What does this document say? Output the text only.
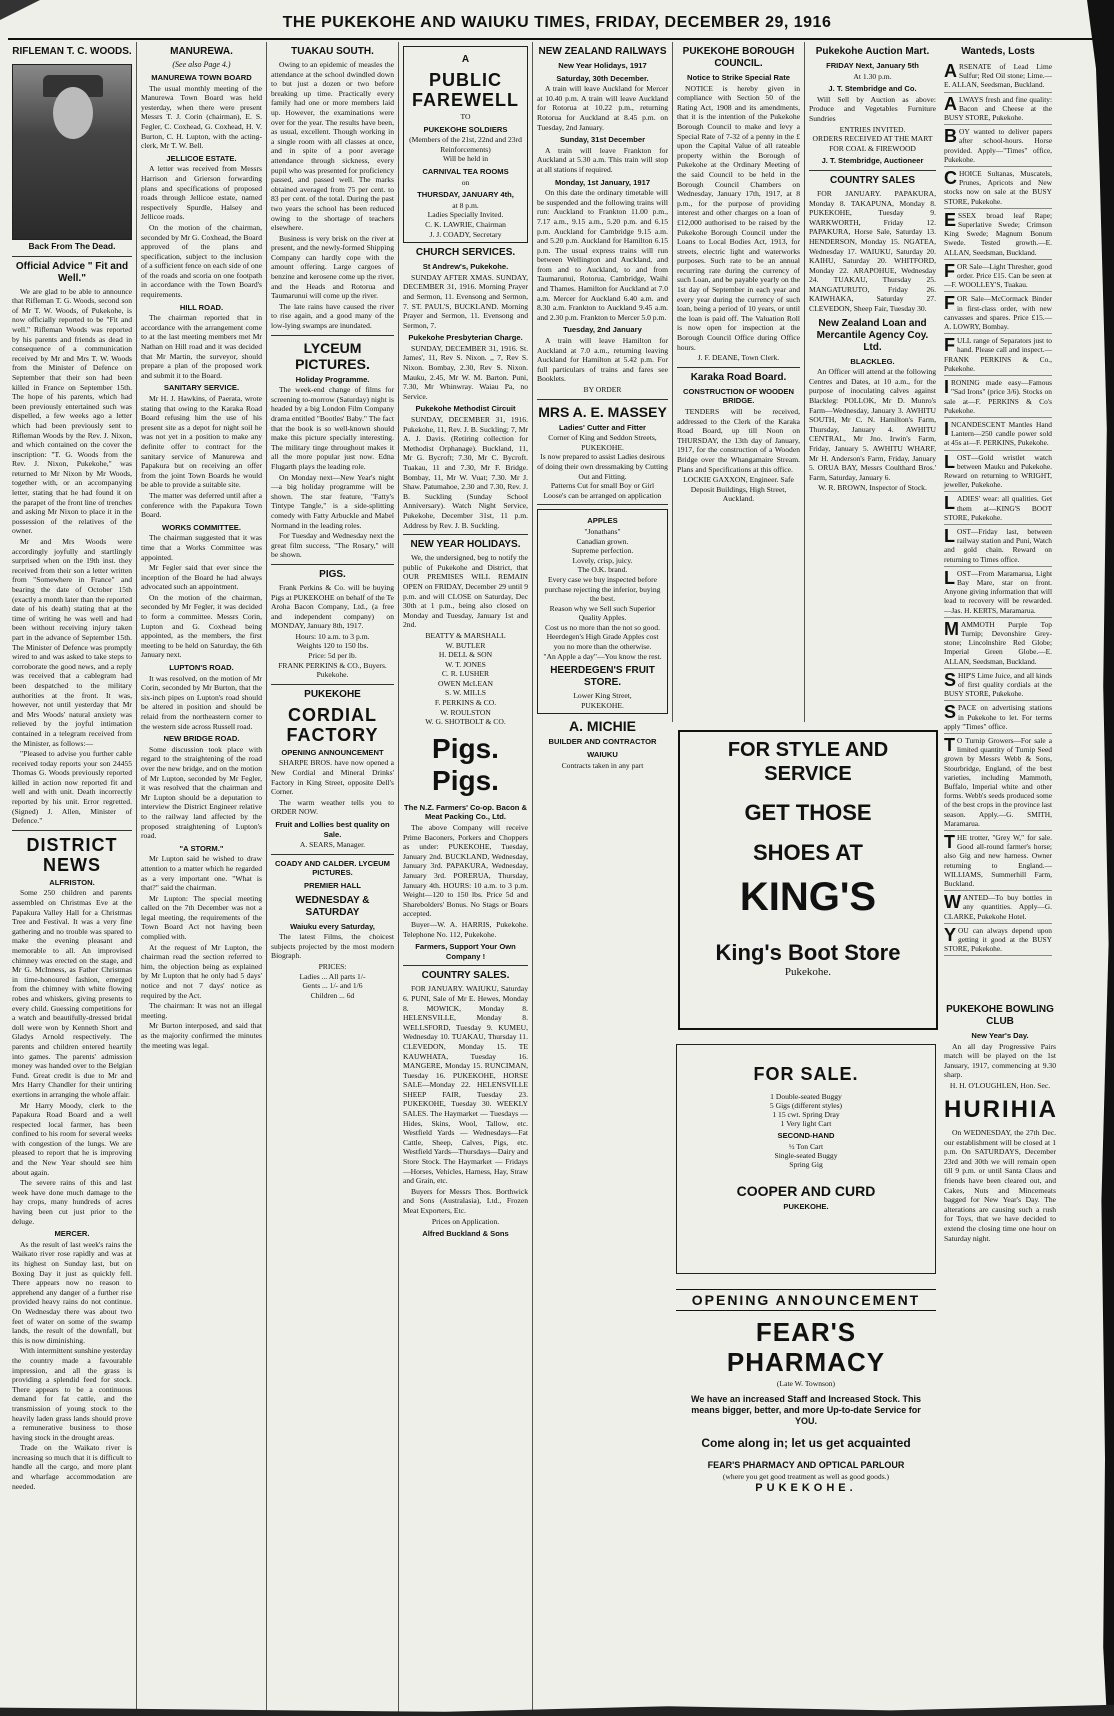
THE PUKEKOHE AND WAIUKU TIMES, FRIDAY, DECEMBER 29, 1916
RIFLEMAN T. C. WOODS.
Back From The Dead.
Official Advice " Fit and Well."

We are glad to be able to announce that Rifleman T. G. Woods, second son of Mr T. W. Woods, of Pukekohe, is now officially reported to be "Fit and well." Rifleman Woods was reported by his parents and friends as dead in consequence of a communication received by Mr and Mrs T. W. Woods from the Minister of Defence on September that their son had been killed in France on September 15th. The hope of his parents, which had been previously entertained such was dispelled, a few weeks ago a letter which had been previously sent to Rifleman Woods by the Rev. J. Nixon, and which contained on the cover the inscription: "T. G. Woods from the Rev. J. Nixon, Pukekohe," was returned to Mr Nixon by Mr Woods, together with, or an accompanying letter, stating that he had found it on the parapet of the front line of trenches and asking Mr Nixon to place it in the possession of the relatives of the owner.

Mr and Mrs Woods were accordingly joyfully and startlingly surprised when on the 19th inst. they received from their son a letter written from "Somewhere in France" and bearing the date of October 15th (exactly a month later than the reported date of his death) stating that at the time of writing he was well and had been without receiving injury taken part in the advance of September 15th. The Minister of Defence was promptly wired to and was asked to take steps to corroborate the good news, and a reply was received that a cablegram had been despatched to the military authorities at the front. It was, however, not until yesterday that Mr and Mrs Woods' natural anxiety was relieved by the joyful intimation contained in a telegram received from the Minister, as follows:—

"Pleased to advise you further cable received today reports your son 24455 Thomas G. Woods previously reported killed in action now reported fit and well and with unit. Death incorrectly reported by his unit. Error regretted. (Signed) J. Allen, Minister of Defence."

DISTRICT NEWS
ALFRISTON.

Some 250 children and parents assembled on Christmas Eve at the Papakura Valley Hall for a Christmas Tree and Festival. It was a very fine gathering and no trouble was spared to make the evening pleasant and memorable to all. An improvised chimney was erected on the stage, and Mr G. McInness, as Father Christmas in time-honoured fashion, emerged from the chimney with white flowing robes and whiskers, giving presents to every child. Guessing competitions for a watch and beautifully-dressed bridal doll were won by Kenneth Short and Gladys Arnold respectively. The parents and children entered heartily into games. The parents' admission money was handed over to the Belgian Fund. Great credit is due to Mr and Mrs Harry Chandler for their untiring exertions in arranging the whole affair.

Mr Harry Moody, clerk to the Papakura Road Board and a well respected local farmer, has been confined to his room for several weeks with congestion of the lungs. We are pleased to report that he is improving and the New Year should see him about again.

The severe rains of this and last week have done much damage to the hay crops, many hundreds of acres having been cut just prior to the deluge.

MERCER.

As the result of last week's rains the Waikato river rose rapidly and was at its highest on Sunday last, but on Boxing Day it just as quickly fell. There appears now no reason to apprehend any danger of a further rise provided heavy rains do not continue. On Wednesday there was about two feet of water on some of the swamp lands, the result of the downfall, but this is now diminishing.

With intermittent sunshine yesterday the country made a favourable impression, and all the grass is providing a splendid feed for stock. There appears to be a continuous demand for fat cattle, and the transmission of young stock to the heavily laden grass lands should prove a remunerative business to those having stock in the drought areas.

Trade on the Waikato river is increasing so much that it is difficult to handle all the cargo, and more plant and wharfage accommodation are needed.

MANUREWA.
(See also Page 4.)
MANUREWA TOWN BOARD

The usual monthly meeting of the Manurewa Town Board was held yesterday, when there were present Messrs T. J. Corin (chairman), E. S. Fegler, C. Coxhead, G. Coxhead, H. V. Burton, C. H. Lupton, with the acting-clerk, Mr T. W. Bell.

JELLICOE ESTATE.

A letter was received from Messrs Harrison and Grierson forwarding plans and specifications of proposed roads through Jellicoe estate, named respectively Spurdle, Halsey and Jellicoe roads.

On the motion of the chairman, seconded by Mr G. Coxhead, the Board approved of the plans and specification, subject to the inclusion of a sufficient fence on each side of one of the roads and scoria on one footpath in accordance with the Town Board's requirements.

HILL ROAD.

The chairman reported that in accordance with the arrangement come to at the last meeting members met Mr Nathan on Hill road and it was decided that Mr Martin, the surveyor, should prepare a plan of the proposed work and submit it to the Board.

SANITARY SERVICE.

Mr H. J. Hawkins, of Paerata, wrote stating that owing to the Karaka Road Board refusing him the use of his present site as a depot for night soil he was not yet in a position to make any definite offer to contract for the sanitary service of Manurewa and Papakura but on receiving an offer from the joint Town Boards he would be able to provide a suitable site.

The matter was deferred until after a conference with the Papakura Town Board.

WORKS COMMITTEE.

The chairman suggested that it was time that a Works Committee was appointed.

Mr Fegler said that ever since the inception of the Board he had always advocated such an appointment.

On the motion of the chairman, seconded by Mr Fegler, it was decided to form a committee. Messrs Corin, Lupton and G. Coxhead being appointed, as the members, the first meeting to be held on Saturday, the 6th January next.

LUPTON'S ROAD.

It was resolved, on the motion of Mr Corin, seconded by Mr Burton, that the six-inch pipes on Lupton's road should be altered in position and should be relaid from the northeastern corner to the western side across Russell road.

NEW BRIDGE ROAD.

Some discussion took place with regard to the straightening of the road over the new bridge, and on the motion of Mr Lupton, seconded by Mr Fegler, it was resolved that the chairman and Mr Lupton should be a deputation to interview the District Engineer relative to the railway land affected by the proposed straightening of Lupton's road.

"A STORM."

Mr Lupton said he wished to draw attention to a matter which he regarded as a very important one. "What is that?" said the chairman.

Mr Lupton: The special meeting called on the 7th December was not a legal meeting, the requirements of the Town Board Act not having been complied with.

At the request of Mr Lupton, the chairman read the section referred to him, the objection being as explained by Mr Lupton that he only had 5 days' notice and not 7 days' notice as required by the Act.

The chairman: It was not an illegal meeting.

Mr Burton interposed, and said that as the majority confirmed the minutes the meeting was legal.

TUAKAU SOUTH.

Owing to an epidemic of measles the attendance at the school dwindled down to but just a dozen or two before breaking up time. Practically every family had one or more members laid up. However, the examinations were over for the year. The results have been, as usual, excellent. Though working in a single room with all classes at once, and in spite of a poor average attendance through sickness, every pupil who was presented for proficiency passed, and passed well. The marks obtained averaged from 75 per cent. to 83 per cent. of the total. During the past two years the school has been reduced owing to the shortage of teachers elsewhere.

Business is very brisk on the river at present, and the newly-formed Shipping Company can hardly cope with the amount offering. Large cargoes of benzine and kerosene come up the river, and the Heads and Rotorua and Taumarunui will come up the river.

The late rains have caused the river to rise again, and a good many of the low-lying swamps are inundated.

LYCEUM PICTURES.
Holiday Programme.

The week-end change of films for screening to-morrow (Saturday) night is headed by a big London Film Company drama entitled "Bootles' Baby." The fact that the book is so well-known should make this picture specially interesting. The military tinge throughout makes it all the more popular just now. Edna Flugarth plays the leading role.

On Monday next—New Year's night—a big holiday programme will be shown. The star feature, "Fatty's Tintype Tangle," is a side-splitting comedy with Fatty Arbuckle and Mabel Normand in the leading roles.

For Tuesday and Wednesday next the great film success, "The Rosary," will be shown.

PIGS.

Frank Perkins & Co. will be buying Pigs at PUKEKOHE on behalf of the Te Aroha Bacon Company, Ltd., (a free and independent company) on MONDAY, January 8th, 1917.

Hours: 10 a.m. to 3 p.m.
Weights 120 to 150 lbs.
Price: 5d per lb.
FRANK PERKINS & CO., Buyers. Pukekohe.
PUKEKOHE
CORDIAL FACTORY
OPENING ANNOUNCEMENT

SHARPE BROS. have now opened a New Cordial and Mineral Drinks' Factory in King Street, opposite Dell's Corner.

The warm weather tells you to ORDER NOW.

Fruit and Lollies best quality on Sale.
A. SEARS, Manager.
COADY AND CALDER. LYCEUM PICTURES.
PREMIER HALL
WEDNESDAY & SATURDAY
Waiuku every Saturday,

The latest Films, the choicest subjects projected by the most modern Biograph.

PRICES:
Ladies ... All parts 1/-
Gents ... 1/- and 1/6
Children ... 6d
A
PUBLIC FAREWELL
TO
PUKEKOHE SOLDIERS
(Members of the 21st, 22nd and 23rd Reinforcements)
Will be held in
CARNIVAL TEA ROOMS
on
THURSDAY, JANUARY 4th,
at 8 p.m.
Ladies Specially Invited.
C. K. LAWRIE, Chairman
J. J. COADY, Secretary
CHURCH SERVICES.
St Andrew's, Pukekohe.

SUNDAY AFTER XMAS. SUNDAY, DECEMBER 31, 1916. Morning Prayer and Sermon, 11. Evensong and Sermon, 7. ST. PAUL'S, BUCKLAND. Morning Prayer and Sermon, 11. Evensong and Sermon, 7.

Pukekohe Presbyterian Charge.

SUNDAY, DECEMBER 31, 1916. St. James', 11, Rev S. Nixon. ,, 7, Rev S. Nixon. Bombay, 2.30, Rev S. Nixon. Mauku, 2.45, Mr W. M. Barton. Puni, 7.30, Mr Whinwray. Waiau Pa, no Service.

Pukekohe Methodist Circuit

SUNDAY, DECEMBER 31, 1916. Pukekohe, 11, Rev. J. B. Suckling; 7, Mr A. J. Davis. (Retiring collection for Methodist Orphanage). Buckland, 11, Mr G. Bycroft; 7.30, Mr C. Bycroft. Tuakau, 11 and 7.30, Mr F. Bridge. Bombay, 11, Mr W. Vuat; 7.30. Mr J. Shaw. Patumahoe, 2.30 and 7.30, Rev. J. B. Suckling (Sunday School Anniversary). Watch Night Service, Pukekohe, December 31st, 11 p.m. Address by Rev. J. B. Suckling.

NEW YEAR HOLIDAYS.

We, the undersigned, beg to notify the public of Pukekohe and District, that OUR PREMISES WILL REMAIN OPEN on FRIDAY, December 29 until 9 p.m. and will CLOSE on Saturday, Dec 30th at 1 p.m., being also closed on Monday and Tuesday, January 1st and 2nd.

BEATTY & MARSHALL
W. BUTLER
H. DELL & SON
W. T. JONES
C. R. LUSHER
OWEN McLEAN
S. W. MILLS
F. PERKINS & CO.
W. ROULSTON
W. G. SHOTBOLT & CO.
Pigs. Pigs.
The N.Z. Farmers' Co-op. Bacon & Meat Packing Co., Ltd.

The above Company will receive Prime Baconers, Porkers and Choppers as under: PUKEKOHE, Tuesday, January 2nd. BUCKLAND, Wednesday, January 3rd. PAPAKURA, Wednesday, January 3rd. PORERUA, Thursday, January 4th. HOURS: 10 a.m. to 3 p.m. Weight—120 to 150 lbs. Price 5d and Sharebolders' Bonus. No Stags or Boars accepted.

Buyer—W. A. HARRIS, Pukekohe. Telephone No. 112, Pukekohe.

Farmers, Support Your Own Company !
COUNTRY SALES.

FOR JANUARY. WAIUKU, Saturday 6. PUNI, Sale of Mr E. Hewes, Monday 8. MOWICK, Monday 8. HELENSVILLE, Monday 8. WELLSFORD, Tuesday 9. KUMEU, Wednesday 10. TUAKAU, Thursday 11. CLEVEDON, Monday 15. TE KAUWHATA, Tuesday 16. MANGERE, Monday 15. RUNCIMAN, Tuesday 16. PUKEKOHE, HORSE SALE—Monday 22. HELENSVILLE SHEEP FAIR, Tuesday 23. PUKEKOHE, Tuesday 30. WEEKLY SALES. The Haymarket — Tuesdays — Hides, Skins, Wool, Tallow, etc. Westfield Yards — Wednesdays—Fat Cattle, Sheep, Calves, Pigs, etc. Westfield Yards—Thursdays—Dairy and Store Stock. The Haymarket — Fridays—Horses, Vehicles, Harness, Hay, Straw and Grain, etc.

Buyers for Messrs Thos. Borthwick and Sons (Australasia), Ltd., Frozen Meat Exporters, Etc.

Prices on Application.
Alfred Buckland & Sons
NEW ZEALAND RAILWAYS
New Year Holidays, 1917
Saturday, 30th December.

A train will leave Auckland for Mercer at 10.40 p.m. A train will leave Auckland for Rotorua at 10.22 p.m., returning Rotorua for Auckland at 8.45 p.m. on Tuesday, 2nd January.

Sunday, 31st December

A train will leave Frankton for Auckland at 5.30 a.m. This train will stop at all stations if required.

Monday, 1st January, 1917

On this date the ordinary timetable will be suspended and the following trains will run: Auckland to Frankton 11.00 p.m., 7.17 a.m., 9.15 a.m., 5.20 p.m. and 6.15 p.m. Auckland for Cambridge 9.15 a.m. and 5.20 p.m. Auckland for Hamilton 6.15 p.m. The usual express trains will run between Wellington and Auckland, and from and to Auckland, to and from Taumarunui, Rotorua, Cambridge, Waihi and Thames. Hamilton for Auckland at 7.0 a.m. Mercer for Auckland 6.40 a.m. and 8.30 a.m. Frankton to Auckland 9.45 a.m. and 2.30 p.m. Frankton to Mercer 5.0 p.m.

Tuesday, 2nd January

A train will leave Hamilton for Auckland at 7.0 a.m., returning leaving Auckland for Hamilton at 5.42 p.m. For full particulars of trains and fares see Booklets.

BY ORDER
MRS A. E. MASSEY
Ladies' Cutter and Fitter
Corner of King and Seddon Streets, PUKEKOHE.
Is now prepared to assist Ladies desirous of doing their own dressmaking by Cutting Out and Fitting.
Patterns Cut for small Boy or Girl
Loose's can be arranged on application
APPLES
"Jonathans"
Canadian grown.
Supreme perfection.
Lovely, crisp, juicy.
The O.K. brand.
Every case we buy inspected before purchase rejecting the inferior, buying the best.
Reason why we Sell such Superior Quality Apples.
Cost us no more than the not so good.
Heerdegen's High Grade Apples cost you no more than the otherwise.
"An Apple a day"—You know the rest.
HEERDEGEN'S FRUIT STORE.
Lower King Street,
PUKEKOHE.
A. MICHIE
BUILDER AND CONTRACTOR
WAIUKU
Contracts taken in any part
PUKEKOHE BOROUGH COUNCIL.
Notice to Strike Special Rate

NOTICE is hereby given in compliance with Section 50 of the Rating Act, 1908 and its amendments, that it is the intention of the Pukekohe Borough Council to make and levy a Special Rate of 7-32 of a penny in the £ upon the Capital Value of all rateable property within the Borough of Pukekohe at the Ordinary Meeting of the said Council to be held in the Borough Council Chambers on Wednesday, January 17th, 1917, at 8 p.m., for the purpose of providing interest and other charges on a loan of £12,000 authorised to be raised by the Pukekohe Borough Council under the Loans to Local Bodies Act, 1913, for streets, electric light and waterworks purposes. Such rate to be an annual recurring rate during the currency of such Loan, and be payable yearly on the 1st day of September in each year and every year during the currency of such loan, being a period of 10 years, or until the loan is paid off. The Valuation Roll is now open for inspection at the Borough Council Office during Office hours.

J. F. DEANE, Town Clerk.
Karaka Road Board.
CONSTRUCTION OF WOODEN BRIDGE.

TENDERS will be received, addressed to the Clerk of the Karaka Road Board, up till Noon on THURSDAY, the 13th day of January, 1917, for the construction of a Wooden Bridge over the Whangamaire Stream. Plans and Specifications at this office.

LOCKIE GAXXON, Engineer. Safe Deposit Buildings, High Street, Auckland.
Pukekohe Auction Mart.
FRIDAY Next, January 5th
At 1.30 p.m.
J. T. Stembridge and Co.

Will Sell by Auction as above: Produce and Vegetables Furniture Sundries

ENTRIES INVITED.
ORDERS RECEIVED AT THE MART FOR COAL & FIREWOOD
J. T. Stembridge, Auctioneer
COUNTRY SALES

FOR JANUARY. PAPAKURA, Monday 8. TAKAPUNA, Monday 8. PUKEKOHE, Tuesday 9. WARKWORTH, Friday 12. PAPAKURA, Horse Sale, Saturday 13. HENDERSON, Monday 15. NGATEA, Wednesday 17. WAIUKU, Saturday 20. KAIHU, Saturday 20. WHITFORD, Monday 22. ARAPOHUE, Wednesday 24. TUAKAU, Thursday 25. MANGATURUTO, Friday 26. KAIWHAKA, Saturday 27. CLEVEDON, Sheep Fair, Tuesday 30.

New Zealand Loan and Mercantile Agency Coy. Ltd.
BLACKLEG.

An Officer will attend at the following Centres and Dates, at 10 a.m., for the purpose of inoculating calves against Blackleg: POLLOK, Mr D. Munro's Farm—Wednesday, January 3. AWHITU SOUTH, Mr C. N. Hamilton's Farm, Thursday, January 4. AWHITU CENTRAL, Mr Jno. Irwin's Farm, Friday, January 5. AWHITU WHARF, Mr H. Anderson's Farm, Friday, January 5. ORUA BAY, Messrs Coulthard Bros.' Farm, Saturday, January 6.

W. R. BROWN, Inspector of Stock.
FOR STYLE AND
SERVICE
GET THOSE
SHOES AT
KING'S
King's Boot Store
Pukekohe.
FOR SALE.
1 Double-seated Buggy
5 Gigs (different styles)
1 15 cwt. Spring Dray
1 Very light Cart
SECOND-HAND
½ Ton Cart
Single-seated Buggy
Spring Gig
COOPER AND CURD
PUKEKOHE.
OPENING ANNOUNCEMENT
FEAR'S PHARMACY
(Late W. Townson)
We have an increased Staff and Increased Stock. This means bigger, better, and more Up-to-date Service for YOU.
Come along in; let us get acquainted
FEAR'S PHARMACY AND OPTICAL PARLOUR
(where you get good treatment as well as good goods.)
PUKEKOHE.
PUKEKOHE BOWLING CLUB
New Year's Day.

An all day Progressive Pairs match will be played on the 1st January, 1917, commencing at 9.30 sharp.

H. H. O'LOUGHLEN, Hon. Sec.
HURIHIA

On WEDNESDAY, the 27th Dec. our establishment will be closed at 1 p.m. On SATURDAYS, December 23rd and 30th we will remain open till 9 p.m. or until Santa Claus and friends have been cleared out, and Cakes, Nuts and Mincemeats bagged for New Year's Day. The alterations are causing such a rush for Toys, that we have decided to extend the closing time one hour on Saturday night.

Wanteds, Losts
ARSENATE of Lead Lime Sulfur; Red Oil stone; Lime.—E. ALLAN, Seedsman, Buckland.
ALWAYS fresh and fine quality: Bacon and Cheese at the BUSY STORE, Pukekohe.
BOY wanted to deliver papers after school-hours. Horse provided. Apply—"Times" office, Pukekohe.
CHOICE Sultanas, Muscatels, Prunes, Apricots and New stocks now on sale at the BUSY STORE, Pukekohe.
ESSEX broad leaf Rape; Superlative Swede; Crimson King Swede; Magnum Bonum Swede. Tested growth.—E. ALLAN, Seedsman, Buckland.
FOR Sale—Light Thresher, good order. Price £15. Can be seen at—F. WOOLLEY'S, Tuakau.
FOR Sale—McCormack Binder in first-class order, with new canvasses and spares. Price £15.—A. LOWRY, Bombay.
FULL range of Separators just to hand. Please call and inspect.—FRANK PERKINS & Co., Pukekohe.
IRONING made easy—Famous "Sad Irons" (price 3/6). Stocks on sale at—F. PERKINS & Co's Pukekohe.
INCANDESCENT Mantles Hand Lantern—250 candle power sold at 45s at—F. PERKINS, Pukekohe.
LOST—Gold wristlet watch between Mauku and Pukekohe. Reward on returning to WRIGHT, jeweller, Pukekohe.
LADIES' wear: all qualities. Get them at—KING'S BOOT STORE, Pukekohe.
LOST—Friday last, between railway station and Puni, Watch and gold chain. Reward on returning to Times office.
LOST—From Maramarua, Light Bay Mare, star on front. Anyone giving information that will lead to recovery will be rewarded.—Jas. H. KERTS, Maramarua.
MAMMOTH Purple Top Turnip; Devonshire Grey-stone; Lincolnshire Red Globe; Imperial Green Globe.—E. ALLAN, Seedsman, Buckland.
SHIP'S Lime Juice, and all kinds of first quality cordials at the BUSY STORE, Pukekohe.
SPACE on advertising stations in Pukekohe to let. For terms apply "Times" office.
T O Turnip Growers—For sale a limited quantity of Turnip Seed grown by Messrs Webb & Sons, Stourbridge, England, of the best varieties, including Mammoth, Buffalo, Imperial white and other forms. Webb's seeds produced some of the best crops in the province last season. Apply.—G. SMITH, Maramarua.
THE trotter, "Grey W," for sale. Good all-round farmer's horse; also Gig and new harness. Owner returning to England.—WILLIAMS, Summerhill Farm, Buckland.
WANTED—To buy bottles in any quantities. Apply—G. CLARKE, Pukekohe Hotel.
YOU can always depend upon getting it good at the BUSY STORE, Pukekohe.
